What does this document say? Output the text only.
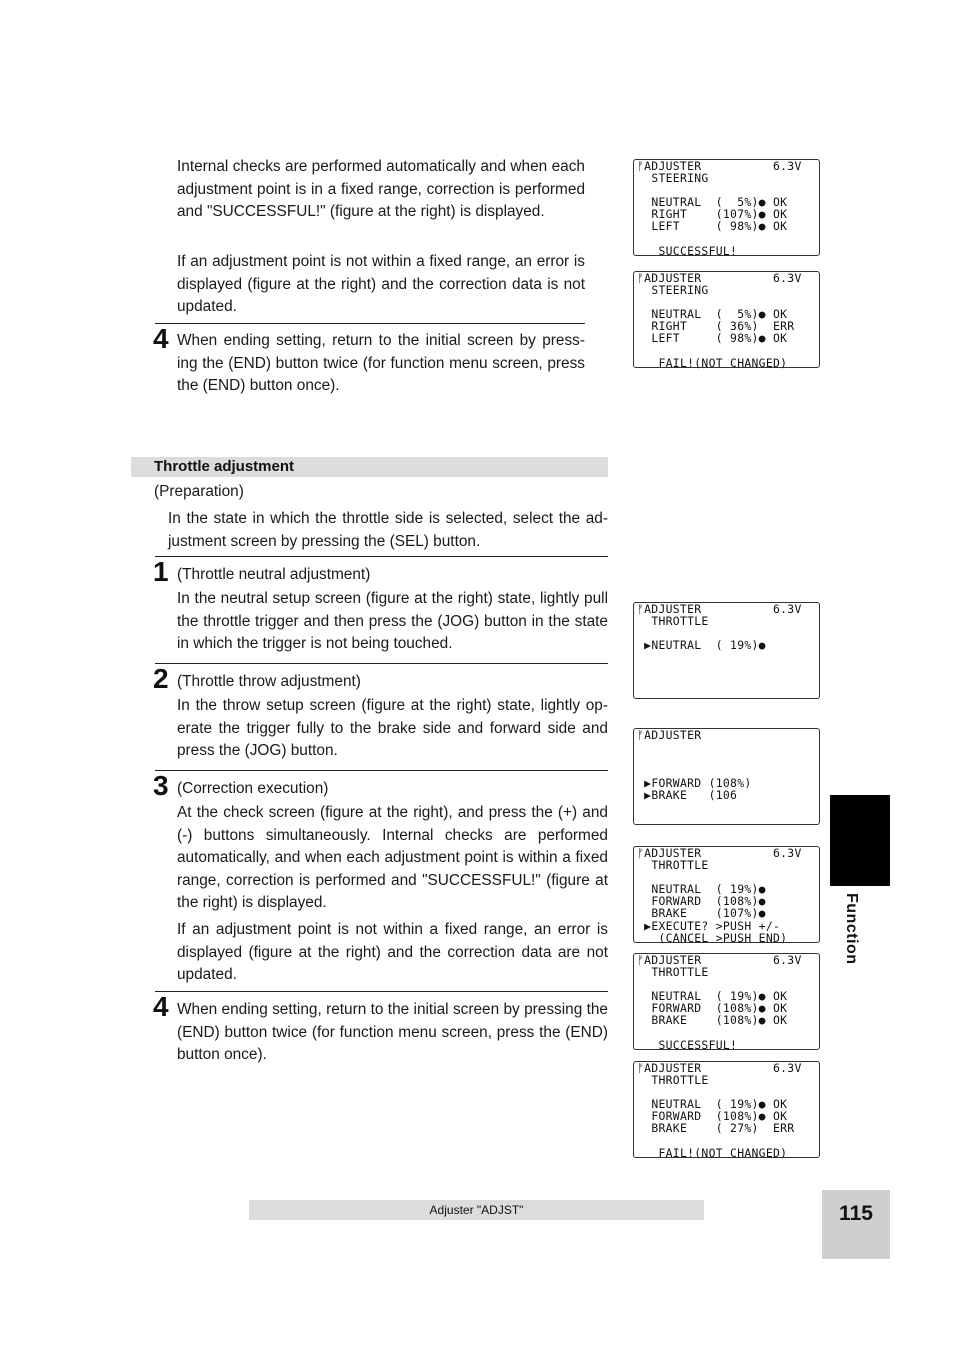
Internal checks are performed automatically and when each adjustment point is in a fixed range, correction is performed and "SUCCESSFUL!" (figure at the right) is displayed.

If an adjustment point is not within a fixed range, an error is displayed (figure at the right) and the correction data is not updated.

4 When ending setting, return to the initial screen by press-ing the (END) button twice (for function menu screen, press the (END) button once).

Throttle adjustment
(Preparation)

In the state in which the throttle side is selected, select the ad-justment screen by pressing the (SEL) button.

1 (Throttle neutral adjustment)

In the neutral setup screen (figure at the right) state, lightly pull the throttle trigger and then press the (JOG) button in the state in which the trigger is not being touched.

2 (Throttle throw adjustment)

In the throw setup screen (figure at the right) state, lightly op-erate the trigger fully to the brake side and forward side and press the (JOG) button.

3 (Correction execution)

At the check screen (figure at the right), and press the (+) and (-) buttons simultaneously. Internal checks are performed automatically, and when each adjustment point is within a fixed range, correction is performed and "SUCCESSFUL!" (figure at the right) is displayed.

If an adjustment point is not within a fixed range, an error is displayed (figure at the right) and the correction data are not updated.

4 When ending setting, return to the initial screen by pressing the (END) button twice (for function menu screen, press the (END) button once).

ᚠADJUSTER          6.3V
STEERING

NEUTRAL  (  5%)● OK
RIGHT    (107%)● OK
LEFT     ( 98%)● OK

SUCCESSFUL!
ᚠADJUSTER          6.3V
STEERING

NEUTRAL  (  5%)● OK
RIGHT    ( 36%)  ERR
LEFT     ( 98%)● OK

FAIL!(NOT CHANGED)
ᚠADJUSTER          6.3V
THROTTLE

▶NEUTRAL  ( 19%)●
ᚠADJUSTER

▶FORWARD (108%)
▶BRAKE   (106
ᚠADJUSTER          6.3V
THROTTLE

NEUTRAL  ( 19%)●
FORWARD  (108%)●
BRAKE    (107%)●
▶EXECUTE? >PUSH +/-
(CANCEL >PUSH END)
ᚠADJUSTER          6.3V
THROTTLE

NEUTRAL  ( 19%)● OK
FORWARD  (108%)● OK
BRAKE    (108%)● OK

SUCCESSFUL!
ᚠADJUSTER          6.3V
THROTTLE

NEUTRAL  ( 19%)● OK
FORWARD  (108%)● OK
BRAKE    ( 27%)  ERR

FAIL!(NOT CHANGED)
Function
Adjuster "ADJST"	115
